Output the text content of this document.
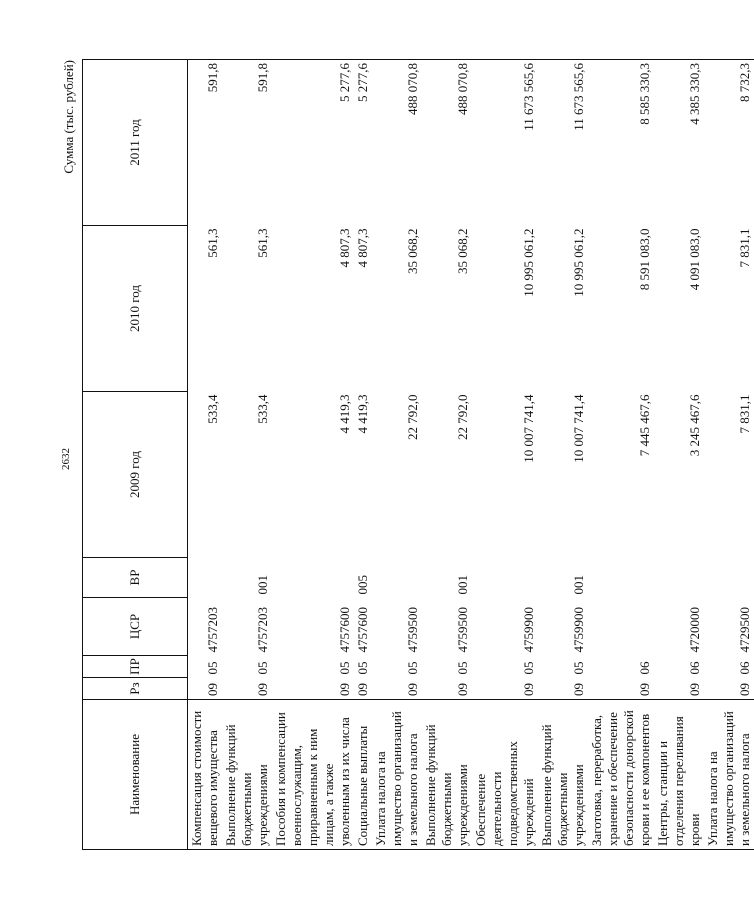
2632
Сумма (тыс. рублей)
Наименование	Рз	ПР	ЦСР	ВР	2009 год	2010 год	2011 год
Компенсация стоимости вещевого имущества	09	05	4757203		533,4	561,3	591,8
Выполнение функций бюджетными учреждениями	09	05	4757203	001	533,4	561,3	591,8
Пособия и компенсации военнослужащим, приравненным к ним лицам, а также уволенным из их числа	09	05	4757600		4 419,3	4 807,3	5 277,6
Социальные выплаты	09	05	4757600	005	4 419,3	4 807,3	5 277,6
Уплата налога на имущество организаций и земельного налога	09	05	4759500		22 792,0	35 068,2	488 070,8
Выполнение функций бюджетными учреждениями	09	05	4759500	001	22 792,0	35 068,2	488 070,8
Обеспечение деятельности подведомственных учреждений	09	05	4759900		10 007 741,4	10 995 061,2	11 673 565,6
Выполнение функций бюджетными учреждениями	09	05	4759900	001	10 007 741,4	10 995 061,2	11 673 565,6
Заготовка, переработка, хранение и обеспечение безопасности донорской крови и ее компонентов	09	06			7 445 467,6	8 591 083,0	8 585 330,3
Центры, станции и отделения переливания крови	09	06	4720000		3 245 467,6	4 091 083,0	4 385 330,3
Уплата налога на имущество организаций и земельного налога	09	06	4729500		7 831,1	7 831,1	8 732,3
